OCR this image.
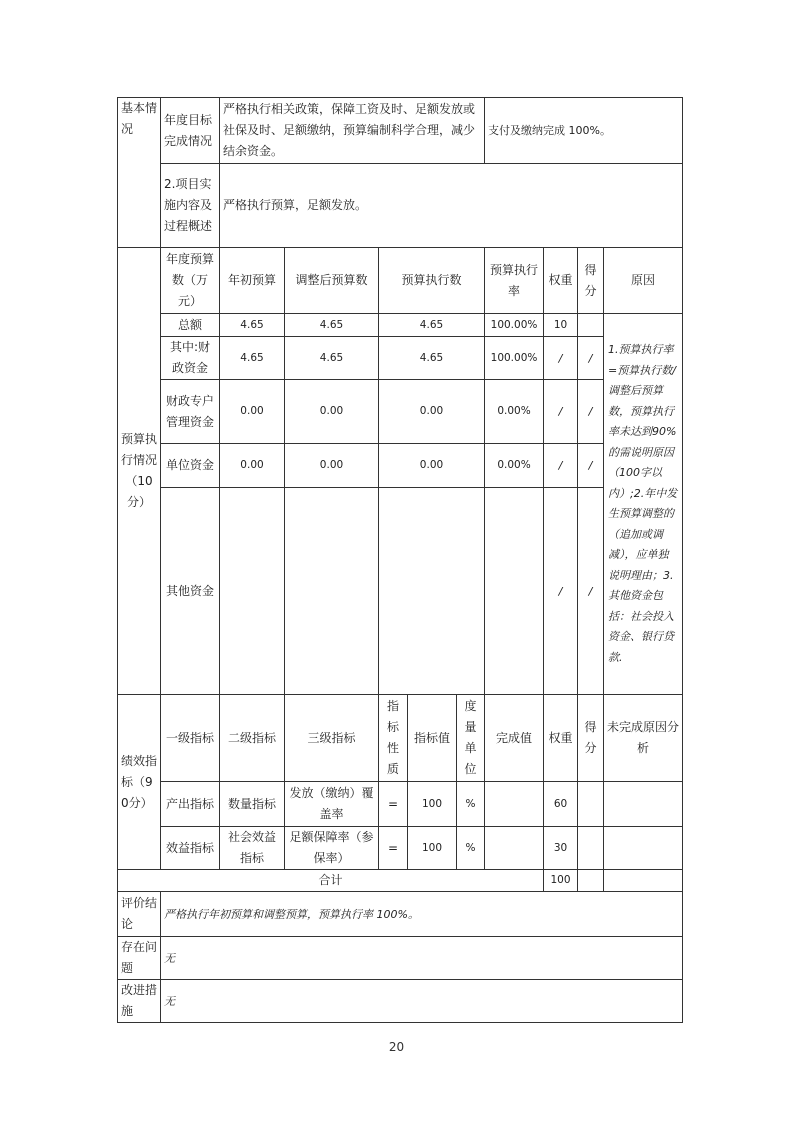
基本情况	年度目标完成情况	严格执行相关政策，保障工资及时、足额发放或社保及时、足额缴纳，预算编制科学合理，减少结余资金。					支付及缴纳完成 100%。			
	2.项目实施内容及过程概述	严格执行预算，足额发放。								
预算执行情况（10分）	年度预算数（万元）	年初预算	调整后预算数	预算执行数			预算执行率	权重	得分	原因
	总额	4.65	4.65	4.65			100.00%	10		1.预算执行率=预算执行数/调整后预算数，预算执行率未达到90%的需说明原因（100字以内）;2.年中发生预算调整的（追加或调减），应单独说明理由；3.其他资金包括：社会投入资金、银行贷款.
	其中:财政资金	4.65	4.65	4.65			100.00%	/	/	
	财政专户管理资金	0.00	0.00	0.00			0.00%	/	/	
	单位资金	0.00	0.00	0.00			0.00%	/	/	
	其他资金							/	/	
绩效指标（90分）	一级指标	二级指标	三级指标	指标性质	指标值	度量单位	完成值	权重	得分	未完成原因分析
	产出指标	数量指标	发放（缴纳）覆盖率	=	100	%		60		
	效益指标	社会效益指标	足额保障率（参保率）	=	100	%		30		
合计								100		
评价结论	严格执行年初预算和调整预算，预算执行率 100%。									
存在问题	无									
改进措施	无									
20
